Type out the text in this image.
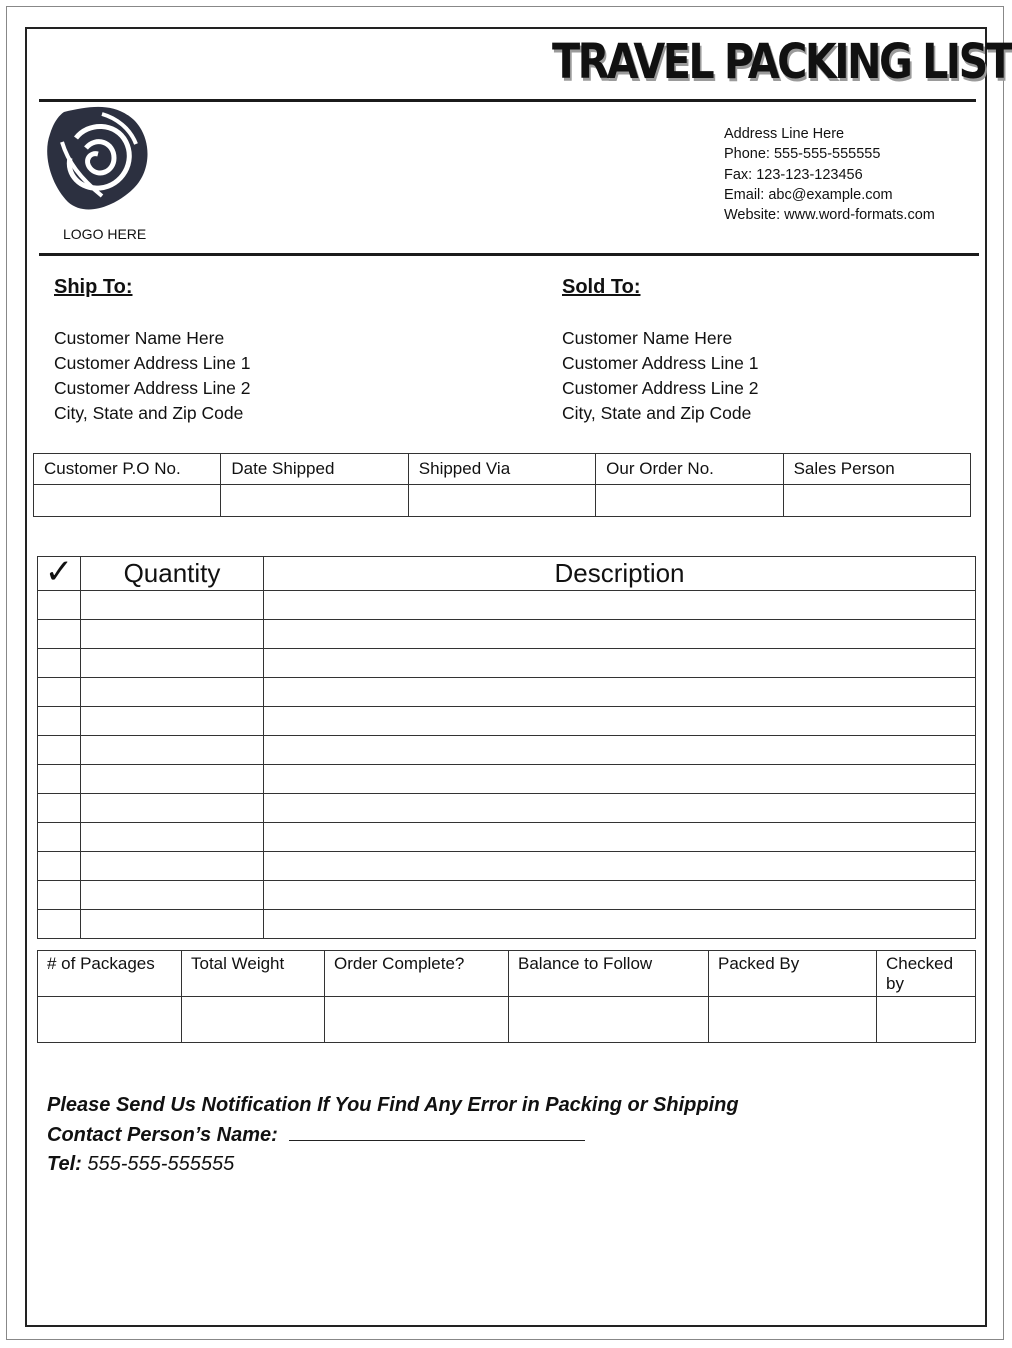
TRAVEL PACKING LIST
LOGO HERE
Address Line Here
Phone: 555-555-555555
Fax: 123-123-123456
Email: abc@example.com
Website: www.word-formats.com
Ship To:
Customer Name Here
Customer Address Line 1
Customer Address Line 2
City, State and Zip Code
Sold To:
Customer Name Here
Customer Address Line 1
Customer Address Line 2
City, State and Zip Code
Customer P.O No.	Date Shipped	Shipped Via	Our Order No.	Sales Person

✓	Quantity	Description

# of Packages	Total Weight	Order Complete?	Balance to Follow	Packed By	Checked by

Please Send Us Notification If You Find Any Error in Packing or Shipping
Contact Person’s Name:
Tel: 555-555-555555
